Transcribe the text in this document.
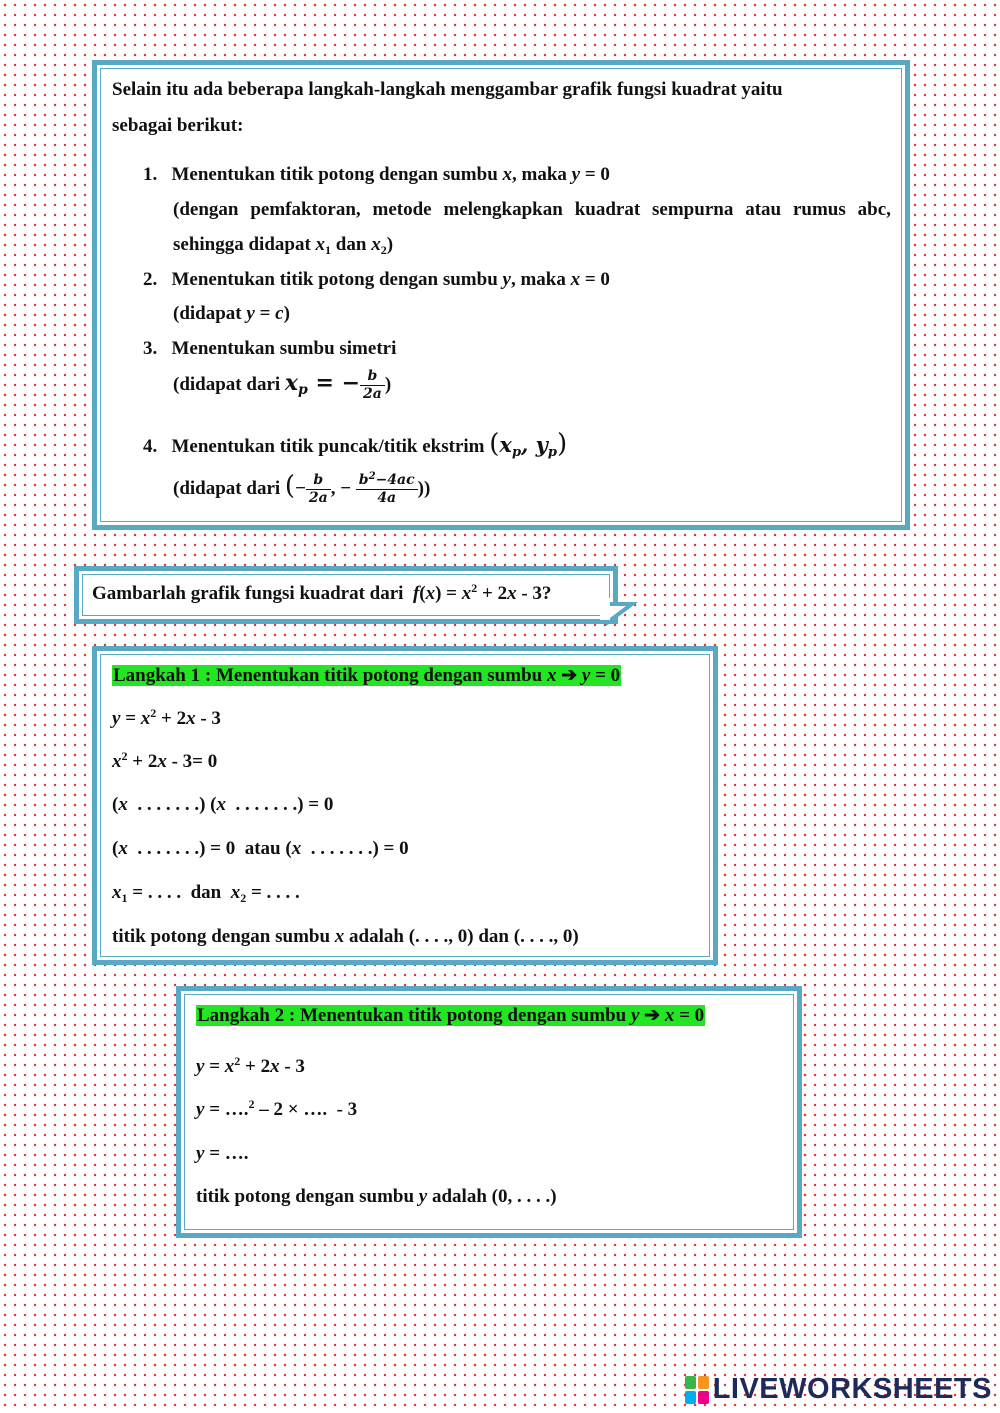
Selain itu ada beberapa langkah-langkah menggambar grafik fungsi kuadrat yaitu
sebagai berikut:
1. Menentukan titik potong dengan sumbu x, maka y = 0
(dengan pemfaktoran, metode melengkapkan kuadrat sempurna atau rumus abc,
sehingga didapat $x_1$ dan $x_2$)
2. Menentukan titik potong dengan sumbu y, maka x = 0
(didapat y = c)
3. Menentukan sumbu simetri
(didapat dari $x_p$ = − $\frac{b}{2a}$ )
4. Menentukan titik puncak/titik ekstrim ($x_p$, $y_p$)
(didapat dari (− $\frac{b}{2a}$ , − $\frac{b^2-4ac}{4a}$ ))
Gambarlah grafik fungsi kuadrat dari  $f(x) = x^2 + 2x - 3$?
Langkah 1 : Menentukan titik potong dengan sumbu x ➔ y = 0
$y = x^2 + 2x - 3$
$x^2 + 2x - 3= 0$
(x . . . . . . .) (x . . . . . . .) = 0
(x . . . . . . .) = 0  atau (x . . . . . . .) = 0
$x_1$ = . . . .  dan $x_2$ = . . . .
titik potong dengan sumbu x adalah (. . . ., 0) dan (. . . ., 0)
Langkah 2 : Menentukan titik potong dengan sumbu y ➔ x = 0
$y = x^2 + 2x - 3$
y = ….$^2$ – 2 × ….  - 3
y = ….
titik potong dengan sumbu y adalah (0, . . . .)
LIVEWORKSHEETS
